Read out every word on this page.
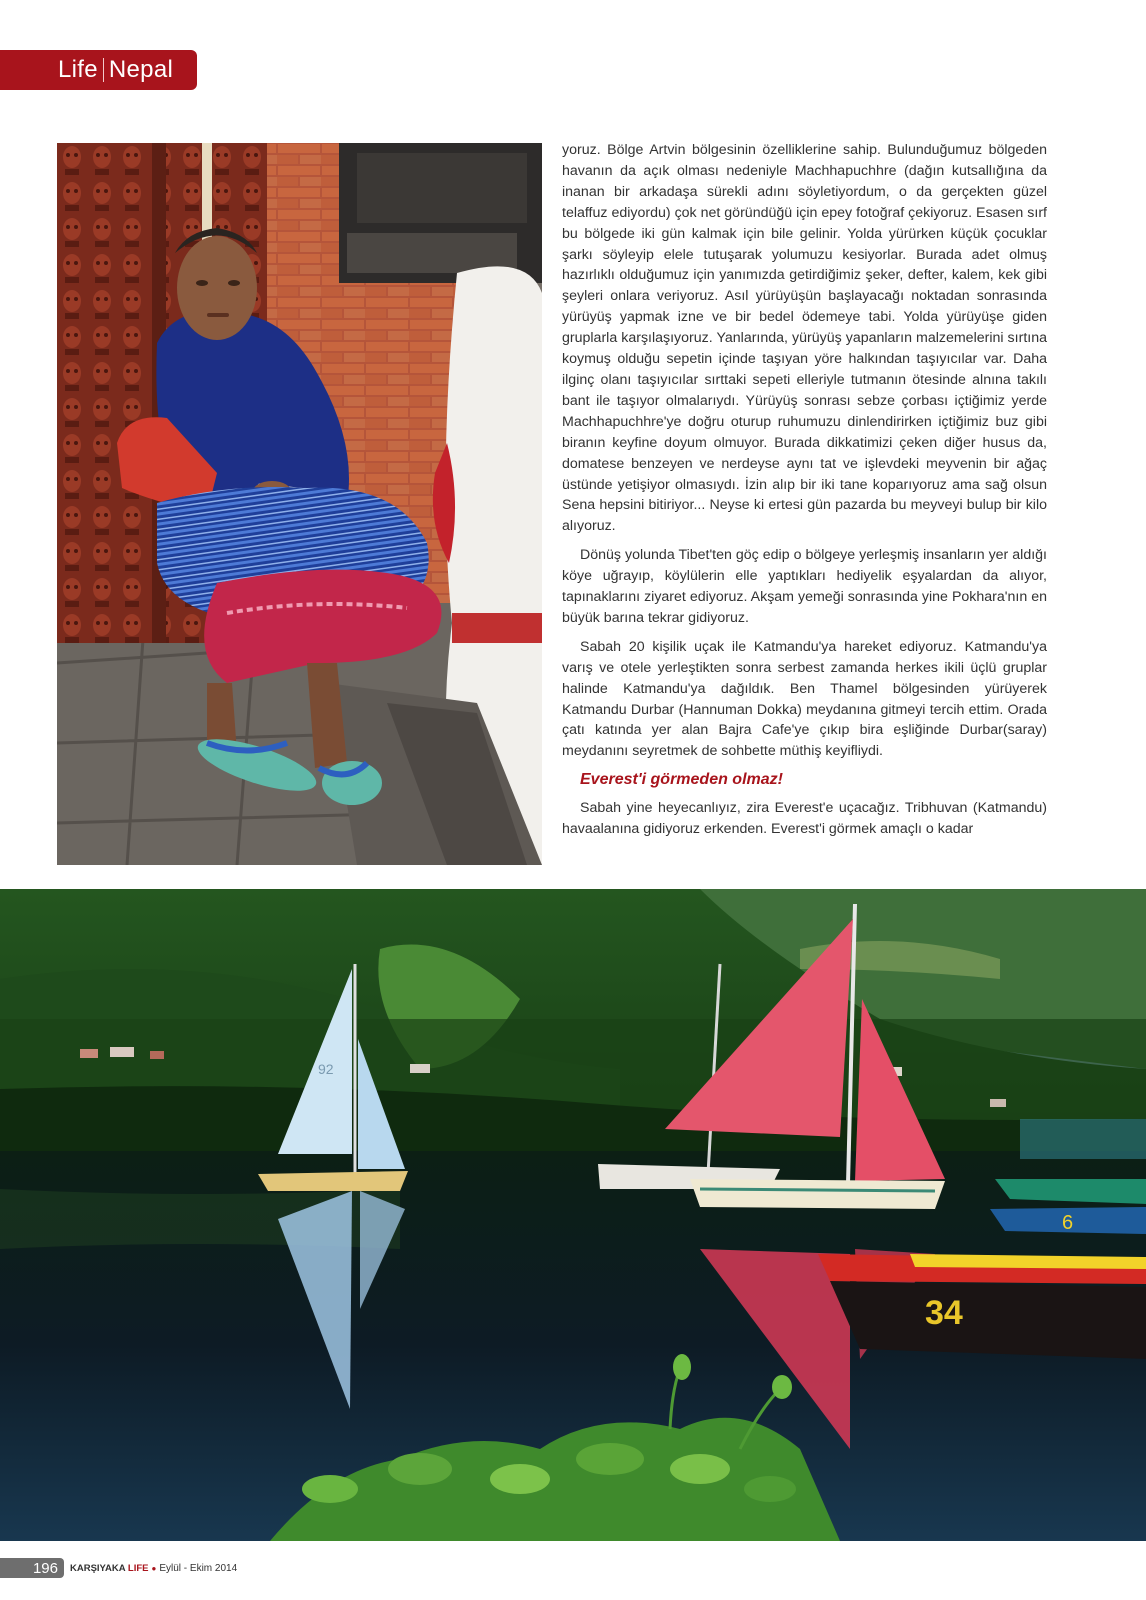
Life Nepal

yoruz. Bölge Artvin bölgesinin özelliklerine sahip. Bulunduğumuz bölgeden havanın da açık olması nedeniyle Machhapuchhre (dağın kutsallığına da inanan bir arkadaşa sürekli adını söyletiyordum, o da gerçekten güzel telaffuz ediyordu) çok net göründüğü için epey fotoğraf çekiyoruz. Esasen sırf bu bölgede iki gün kalmak için bile gelinir. Yolda yürürken küçük çocuklar şarkı söyleyip elele tutuşarak yolumuzu kesiyorlar. Burada adet olmuş hazırlıklı olduğumuz için yanımızda getirdiğimiz şeker, defter, kalem, kek gibi şeyleri onlara veriyoruz. Asıl yürüyüşün başlayacağı noktadan sonrasında yürüyüş yapmak izne ve bir bedel ödemeye tabi. Yolda yürüyüşe giden gruplarla karşılaşıyoruz. Yanlarında, yürüyüş yapanların malzemelerini sırtına koymuş olduğu sepetin içinde taşıyan yöre halkından taşıyıcılar var. Daha ilginç olanı taşıyıcılar sırttaki sepeti elleriyle tutmanın ötesinde alnına takılı bant ile taşıyor olmalarıydı. Yürüyüş sonrası sebze çorbası içtiğimiz yerde Machhapuchhre'ye doğru oturup ruhumuzu dinlendirirken içtiğimiz buz gibi biranın keyfine doyum olmuyor. Burada dikkatimizi çeken diğer husus da, domatese benzeyen ve nerdeyse aynı tat ve işlevdeki meyvenin bir ağaç üstünde yetişiyor olmasıydı. İzin alıp bir iki tane koparıyoruz ama sağ olsun Sena hepsini bitiriyor... Neyse ki ertesi gün pazarda bu meyveyi bulup bir kilo alıyoruz.

Dönüş yolunda Tibet'ten göç edip o bölgeye yerleşmiş insanların yer aldığı köye uğrayıp, köylülerin elle yaptıkları hediyelik eşyalardan da alıyor, tapınaklarını ziyaret ediyoruz. Akşam yemeği sonrasında yine Pokhara'nın en büyük barına tekrar gidiyoruz.

Sabah 20 kişilik uçak ile Katmandu'ya hareket ediyoruz. Katmandu'ya varış ve otele yerleştikten sonra serbest zamanda herkes ikili üçlü gruplar halinde Katmandu'ya dağıldık. Ben Thamel bölgesinden yürüyerek Katmandu Durbar (Hannuman Dokka) meydanına gitmeyi tercih ettim. Orada çatı katında yer alan Bajra Cafe'ye çıkıp bira eşliğinde Durbar(saray) meydanını seyretmek de sohbette müthiş keyifliydi.

Everest'i görmeden olmaz!

Sabah yine heyecanlıyız, zira Everest'e uçacağız. Tribhuvan (Katmandu) havaalanına gidiyoruz erkenden. Everest'i görmek amaçlı o kadar

92
6
34
196	KARŞIYAKA LIFE ● Eylül - Ekim 2014
